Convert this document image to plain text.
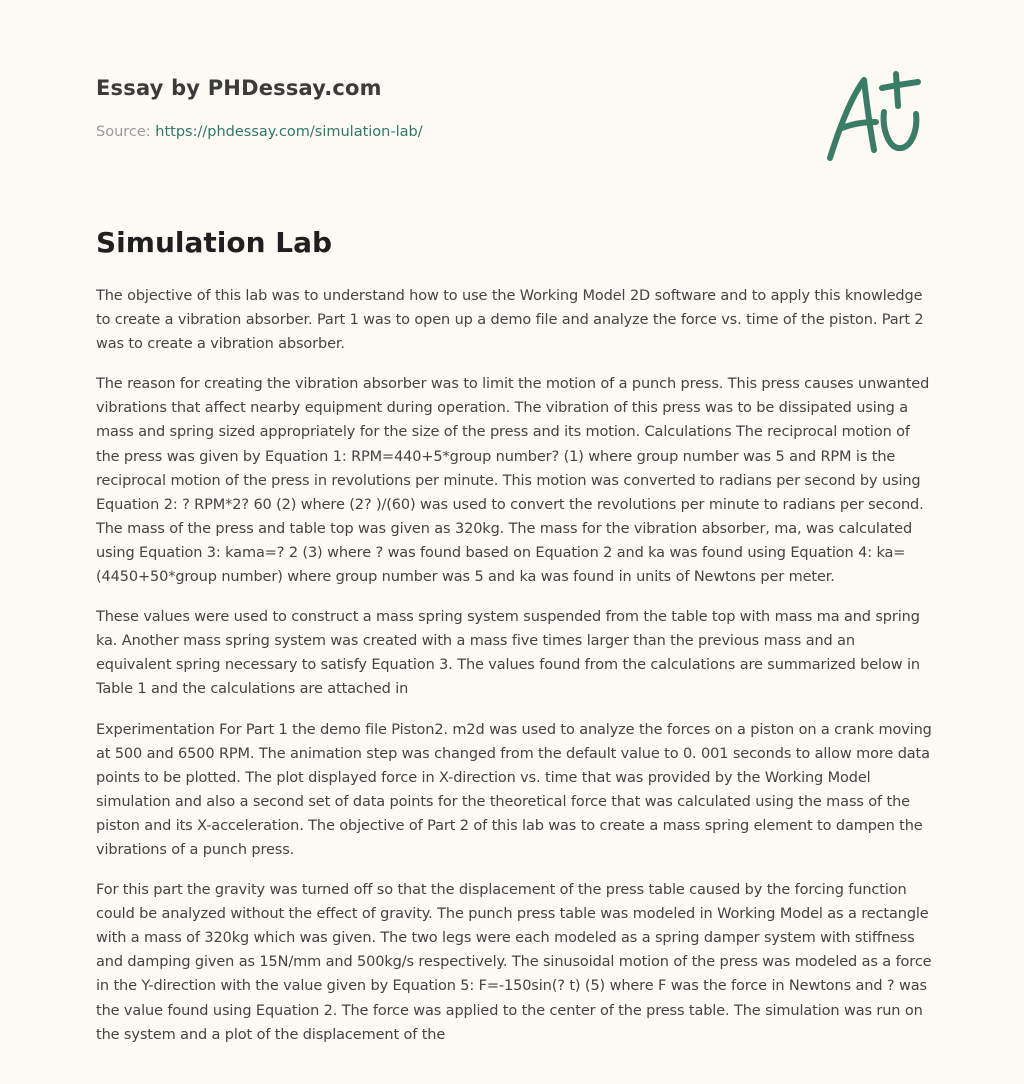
Essay by PHDessay.com
Source: https://phdessay.com/simulation-lab/
Simulation Lab

The objective of this lab was to understand how to use the Working Model 2D software and to apply this knowledge to create a vibration absorber. Part 1 was to open up a demo file and analyze the force vs. time of the piston. Part 2 was to create a vibration absorber.

The reason for creating the vibration absorber was to limit the motion of a punch press. This press causes unwanted vibrations that affect nearby equipment during operation. The vibration of this press was to be dissipated using a mass and spring sized appropriately for the size of the press and its motion. Calculations The reciprocal motion of the press was given by Equation 1: RPM=440+5*group number? (1) where group number was 5 and RPM is the reciprocal motion of the press in revolutions per minute. This motion was converted to radians per second by using Equation 2: ? RPM*2? 60 (2) where (2? )/(60) was used to convert the revolutions per minute to radians per second. The mass of the press and table top was given as 320kg. The mass for the vibration absorber, ma, was calculated using Equation 3: kama=? 2 (3) where ? was found based on Equation 2 and ka was found using Equation 4: ka=(4450+50*group number) where group number was 5 and ka was found in units of Newtons per meter.

These values were used to construct a mass spring system suspended from the table top with mass ma and spring ka. Another mass spring system was created with a mass five times larger than the previous mass and an equivalent spring necessary to satisfy Equation 3. The values found from the calculations are summarized below in Table 1 and the calculations are attached in

Experimentation For Part 1 the demo file Piston2. m2d was used to analyze the forces on a piston on a crank moving at 500 and 6500 RPM. The animation step was changed from the default value to 0. 001 seconds to allow more data points to be plotted. The plot displayed force in X-direction vs. time that was provided by the Working Model simulation and also a second set of data points for the theoretical force that was calculated using the mass of the piston and its X-acceleration. The objective of Part 2 of this lab was to create a mass spring element to dampen the vibrations of a punch press.

For this part the gravity was turned off so that the displacement of the press table caused by the forcing function could be analyzed without the effect of gravity. The punch press table was modeled in Working Model as a rectangle with a mass of 320kg which was given. The two legs were each modeled as a spring damper system with stiffness and damping given as 15N/mm and 500kg/s respectively. The sinusoidal motion of the press was modeled as a force in the Y-direction with the value given by Equation 5: F=-150sin(? t) (5) where F was the force in Newtons and ? was the value found using Equation 2. The force was applied to the center of the press table. The simulation was run on the system and a plot of the displacement of the
